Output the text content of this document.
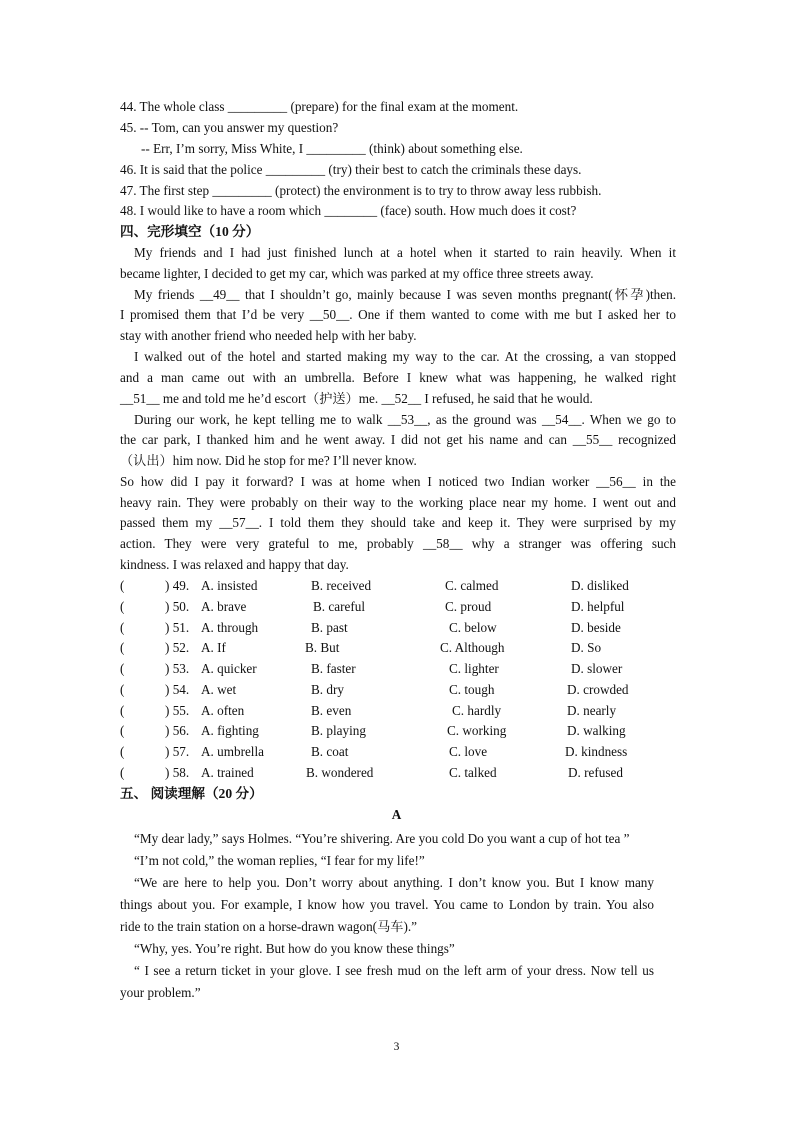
44. The whole class _________ (prepare) for the final exam at the moment.
45. -- Tom, can you answer my question?
-- Err, I’m sorry, Miss White, I _________ (think) about something else.
46. It is said that the police _________ (try) their best to catch the criminals these days.
47. The first step _________ (protect) the environment is to try to throw away less rubbish.
48. I would like to have a room which ________ (face) south. How much does it cost?
四、完形填空（10 分）
My friends and I had just finished lunch at a hotel when it started to rain heavily. When it
became lighter, I decided to get my car, which was parked at my office three streets away.
My friends __49__ that I shouldn’t go, mainly because I was seven months pregnant(怀孕)then.
I promised them that I’d be very __50__. One if them wanted to come with me but I asked her to
stay with another friend who needed help with her baby.
I walked out of the hotel and started making my way to the car. At the crossing, a van stopped
and a man came out with an umbrella. Before I knew what was happening, he walked right
__51__ me and told me he’d escort（护送）me. __52__ I refused, he said that he would.
During our work, he kept telling me to walk __53__, as the ground was __54__. When we go to
the car park, I thanked him and he went away. I did not get his name and can __55__ recognized
（认出）him now. Did he stop for me? I’ll never know.
So how did I pay it forward? I was at home when I noticed two Indian worker __56__ in the
heavy rain. They were probably on their way to the working place near my home. I went out and
passed them my __57__. I told them they should take and keep it. They were surprised by my
action. They were very grateful to me, probably __58__ why a stranger was offering such
kindness. I was relaxed and happy that day.
(	) 49. A. insisted	B. received	C. calmed	D. disliked
(	) 50. A. brave	B. careful	C. proud	D. helpful
(	) 51. A. through	B. past	C. below	D. beside
(	) 52. A. If	B. But	C. Although	D. So
(	) 53. A. quicker	B. faster	C. lighter	D. slower
(	) 54. A. wet	B. dry	C. tough	D. crowded
(	) 55. A. often	B. even	C. hardly	D. nearly
(	) 56. A. fighting	B. playing	C. working	D. walking
(	) 57. A. umbrella	B. coat	C. love	D. kindness
(	) 58. A. trained	B. wondered	C. talked	D. refused
五、 阅读理解（20 分）
A
“My dear lady,” says Holmes. “You’re shivering. Are you cold Do you want a cup of hot tea ”
“I’m not cold,” the woman replies, “I fear for my life!”
“We are here to help you. Don’t worry about anything. I don’t know you. But I know many
things about you. For example, I know how you travel. You came to London by train. You also
ride to the train station on a horse-drawn wagon(马车).”
“Why, yes. You’re right. But how do you know these things”
“ I see a return ticket in your glove. I see fresh mud on the left arm of your dress. Now tell us
your problem.”
3
